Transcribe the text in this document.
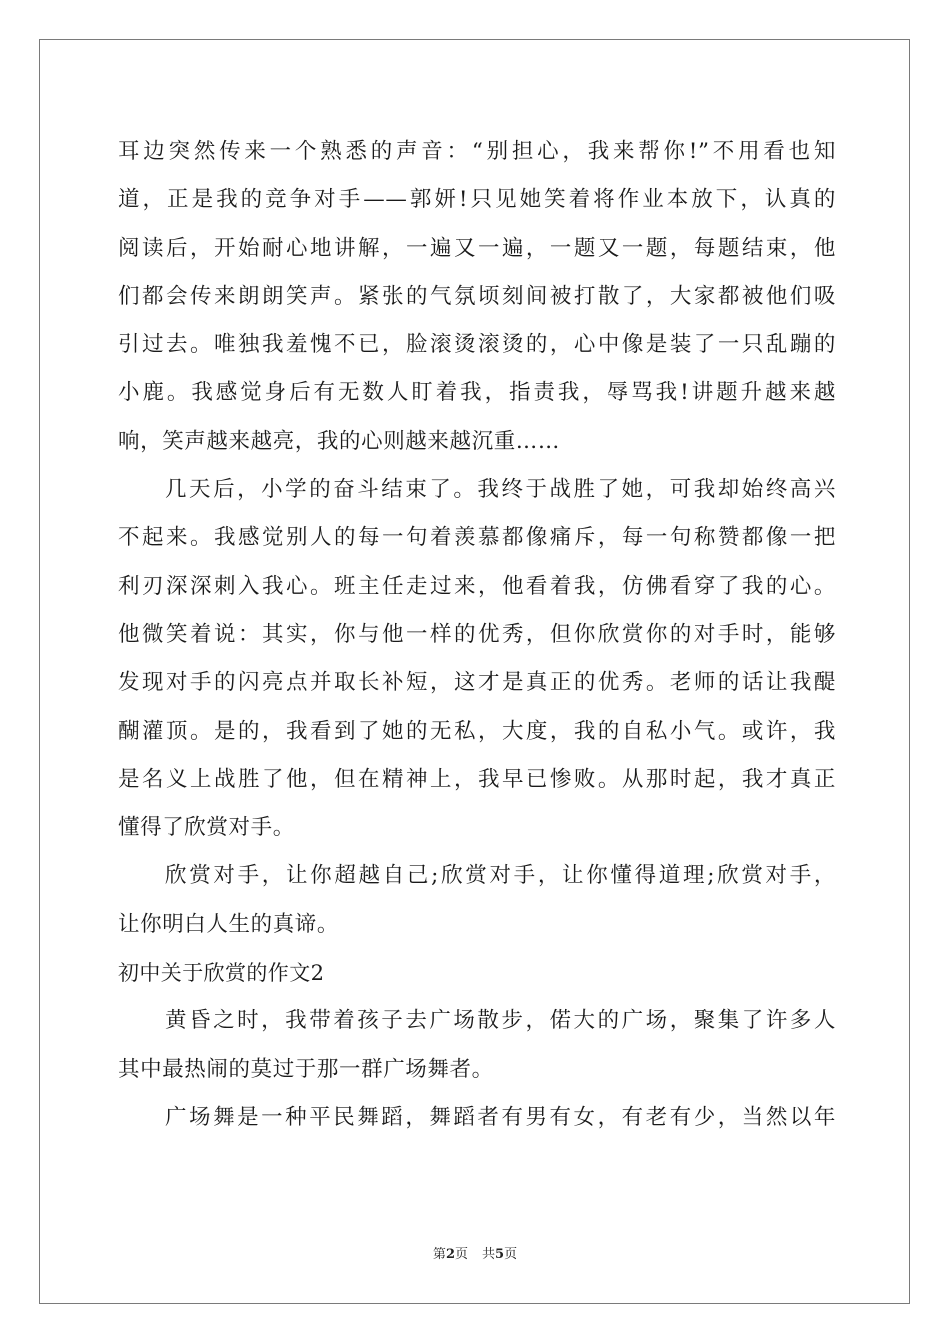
耳边突然传来一个熟悉的声音：“别担心，我来帮你!”不用看也知
道，正是我的竞争对手——郭妍!只见她笑着将作业本放下，认真的
阅读后，开始耐心地讲解，一遍又一遍，一题又一题，每题结束，他
们都会传来朗朗笑声。紧张的气氛顷刻间被打散了，大家都被他们吸
引过去。唯独我羞愧不已，脸滚烫滚烫的，心中像是装了一只乱蹦的
小鹿。我感觉身后有无数人盯着我，指责我，辱骂我!讲题升越来越
响，笑声越来越亮，我的心则越来越沉重……
几天后，小学的奋斗结束了。我终于战胜了她，可我却始终高兴
不起来。我感觉别人的每一句着羡慕都像痛斥，每一句称赞都像一把
利刃深深刺入我心。班主任走过来，他看着我，仿佛看穿了我的心。
他微笑着说：其实，你与他一样的优秀，但你欣赏你的对手时，能够
发现对手的闪亮点并取长补短，这才是真正的优秀。老师的话让我醍
醐灌顶。是的，我看到了她的无私，大度，我的自私小气。或许，我
是名义上战胜了他，但在精神上，我早已惨败。从那时起，我才真正
懂得了欣赏对手。
欣赏对手，让你超越自己;欣赏对手，让你懂得道理;欣赏对手，
让你明白人生的真谛。
初中关于欣赏的作文2
黄昏之时，我带着孩子去广场散步，偌大的广场，聚集了许多人
其中最热闹的莫过于那一群广场舞者。
广场舞是一种平民舞蹈，舞蹈者有男有女，有老有少，当然以年
第2页 共5页
